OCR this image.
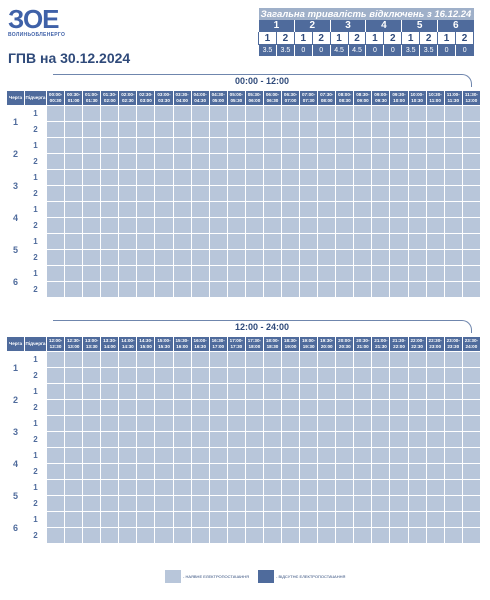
ЗОЕ
ВОЛИНЬОБЛЕНЕРГО
ГПВ на 30.12.2024
Загальна тривалість відключень з 16.12.24											
1		2		3		4		5		6	
1	2	1	2	1	2	1	2	1	2	1	2
3.5	3.5	0	0	4.5	4.5	0	0	3.5	3.5	0	0
00:00 - 12:00
Черга	Підчерга	00:00-00:30	00:30-01:00	01:00-01:30	01:30-02:00	02:00-02:30	02:30-03:00	03:00-03:30	03:30-04:00	04:00-04:30	04:30-05:00	05:00-05:30	05:30-06:00	06:00-06:30	06:30-07:00	07:00-07:30	07:30-08:00	08:00-08:30	08:30-09:00	09:00-09:30	09:30-10:00	10:00-10:30	10:30-11:00	11:00-11:30	11:30-12:00
1	1																								
	2																								
2	1																								
	2																								
3	1																								
	2																								
4	1																								
	2																								
5	1																								
	2																								
6	1																								
	2																								
12:00 - 24:00
Черга	Підчерга	12:00-12:30	12:30-13:00	13:00-13:30	13:30-14:00	14:00-14:30	14:30-15:00	15:00-15:30	15:30-16:00	16:00-16:30	16:30-17:00	17:00-17:30	17:30-18:00	18:00-18:30	18:30-19:00	19:00-19:30	19:30-20:00	20:00-20:30	20:30-21:00	21:00-21:30	21:30-22:00	22:00-22:30	22:30-23:00	23:00-23:30	23:30-24:00
1	1																								
	2																								
2	1																								
	2																								
3	1																								
	2																								
4	1																								
	2																								
5	1																								
	2																								
6	1																								
	2																								
- НАЯВНЕ ЕЛЕКТРОПОСТАЧАННЯ	- ВІДСУТНЄ ЕЛЕКТРОПОСТАЧАННЯ
